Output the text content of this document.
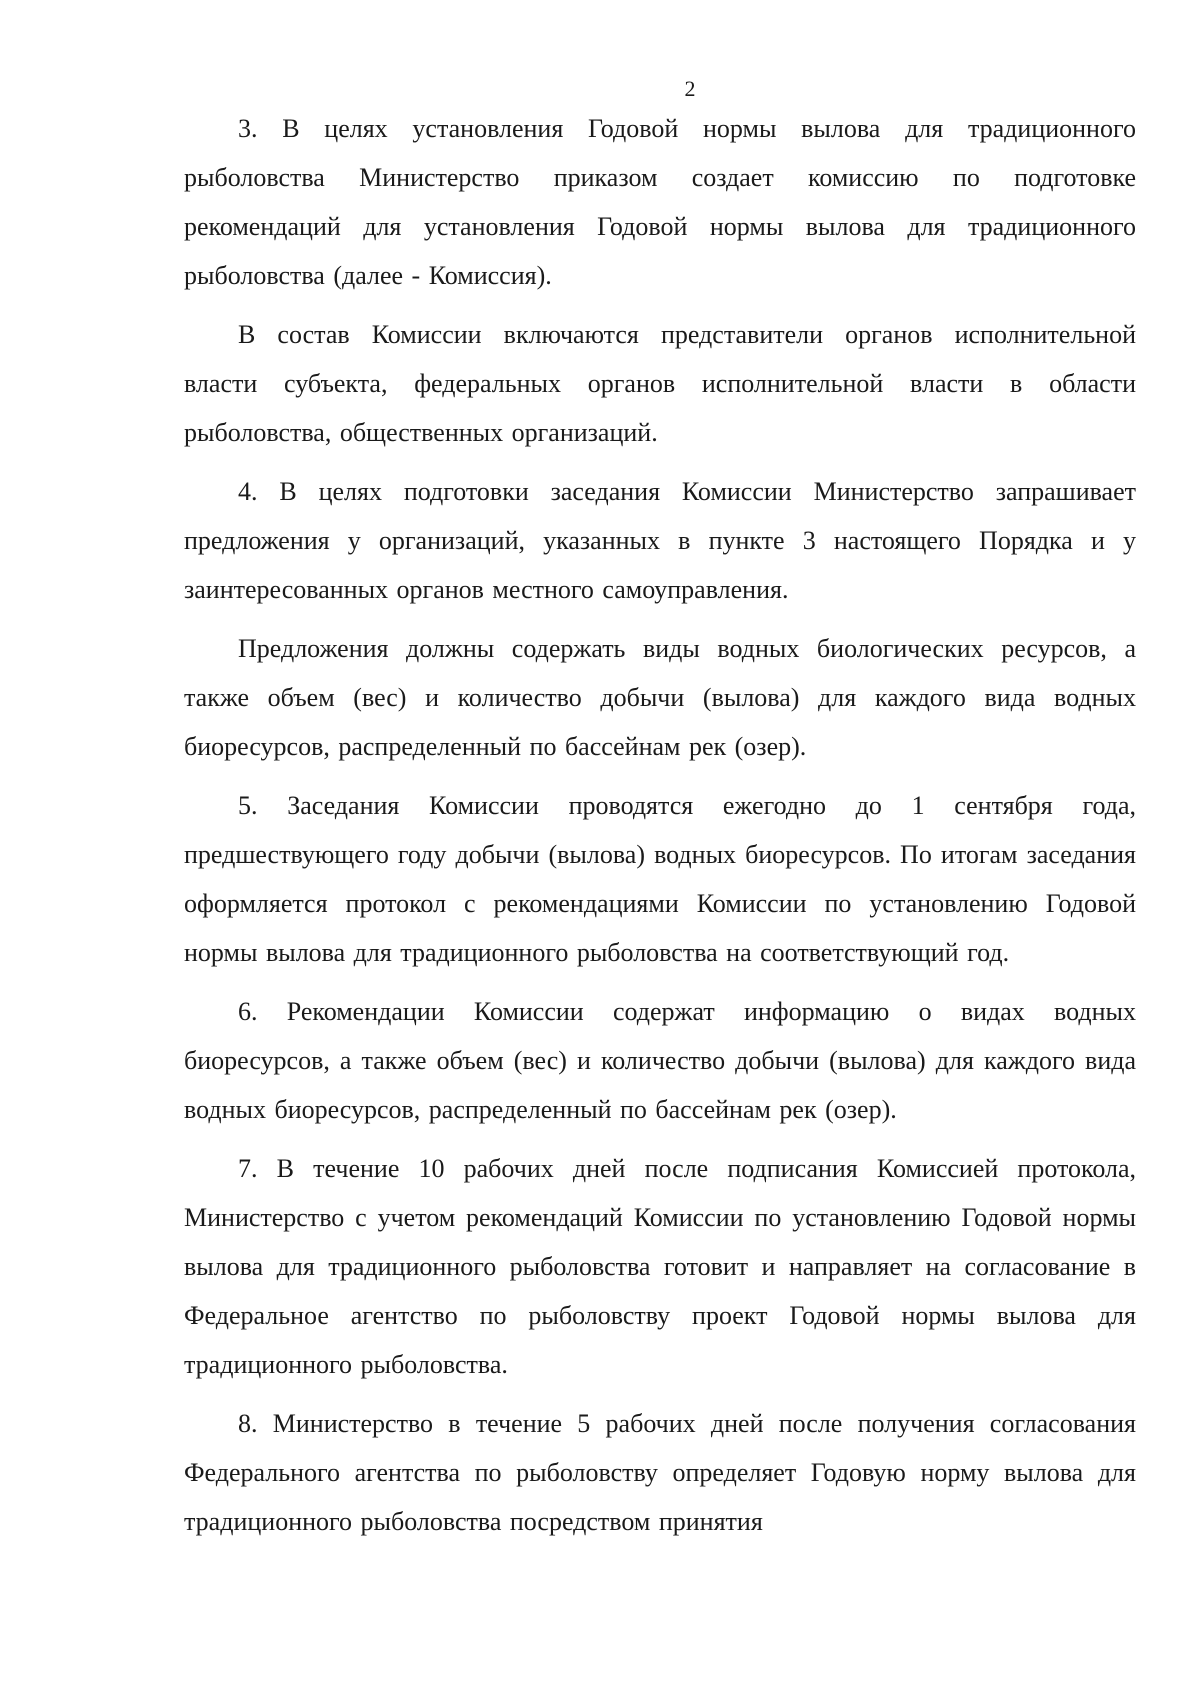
2

3. В целях установления Годовой нормы вылова для традиционного рыболовства Министерство приказом создает комиссию по подготовке рекомендаций для установления Годовой нормы вылова для традиционного рыболовства (далее - Комиссия).

В состав Комиссии включаются представители органов исполнительной власти субъекта, федеральных органов исполнительной власти в области рыболовства, общественных организаций.

4. В целях подготовки заседания Комиссии Министерство запрашивает предложения у организаций, указанных в пункте 3 настоящего Порядка и у заинтересованных органов местного самоуправления.

Предложения должны содержать виды водных биологических ресурсов, а также объем (вес) и количество добычи (вылова) для каждого вида водных биоресурсов, распределенный по бассейнам рек (озер).

5. Заседания Комиссии проводятся ежегодно до 1 сентября года, предшествующего году добычи (вылова) водных биоресурсов. По итогам заседания оформляется протокол с рекомендациями Комиссии по установлению Годовой нормы вылова для традиционного рыболовства на соответствующий год.

6. Рекомендации Комиссии содержат информацию о видах водных биоресурсов, а также объем (вес) и количество добычи (вылова) для каждого вида водных биоресурсов, распределенный по бассейнам рек (озер).

7. В течение 10 рабочих дней после подписания Комиссией протокола, Министерство с учетом рекомендаций Комиссии по установлению Годовой нормы вылова для традиционного рыболовства готовит и направляет на согласование в Федеральное агентство по рыболовству проект Годовой нормы вылова для традиционного рыболовства.

8. Министерство в течение 5 рабочих дней после получения согласования Федерального агентства по рыболовству определяет Годовую норму вылова для традиционного рыболовства посредством принятия
